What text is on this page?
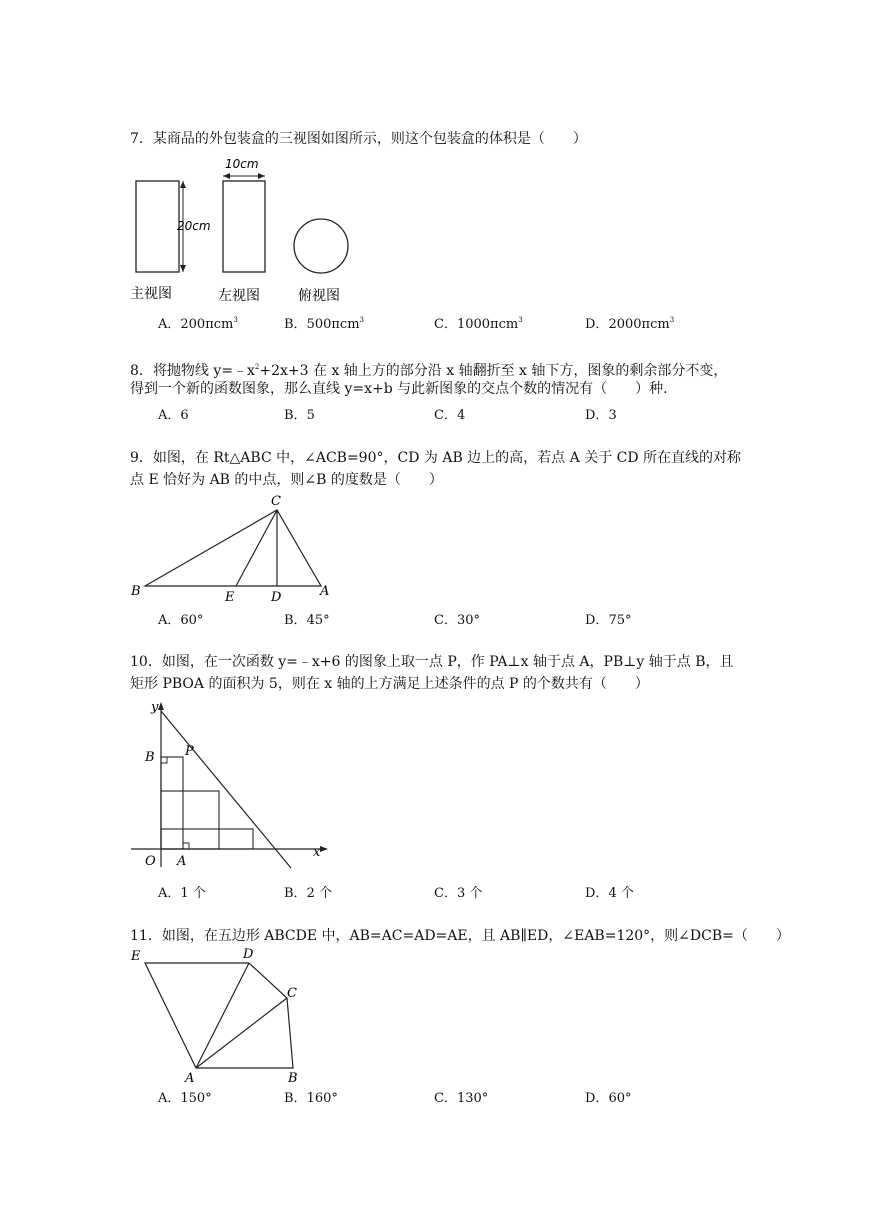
7．某商品的外包装盒的三视图如图所示，则这个包装盒的体积是（　　）
20cm
10cm
主视图	左视图	俯视图
A．200πcm$^3$	B．500πcm$^3$	C．1000πcm$^3$	D．2000πcm$^3$
8．将抛物线 $y=﹣x^2+2x+3$ 在 x 轴上方的部分沿 x 轴翻折至 x 轴下方，图象的剩余部分不变，
得到一个新的函数图象，那么直线 y=x+b 与此新图象的交点个数的情况有（　　）种．
A．6	B．5	C．4	D．3
9．如图，在 Rt△ABC 中，∠ACB=90°，CD 为 AB 边上的高，若点 A 关于 CD 所在直线的对称
点 E 恰好为 AB 的中点，则∠B 的度数是（　　）
C
B	E	D	A
A．60°	B．45°	C．30°	D．75°
10．如图，在一次函数 y=﹣x+6 的图象上取一点 P，作 PA⊥x 轴于点 A，PB⊥y 轴于点 B，且
矩形 PBOA 的面积为 5，则在 x 轴的上方满足上述条件的点 P 的个数共有（　　）
y
x
B P
O A
A．1 个	B．2 个	C．3 个	D．4 个
11．如图，在五边形 ABCDE 中，AB=AC=AD=AE，且 AB∥ED，∠EAB=120°，则∠DCB=（　　）
E	D
C
A	B
A．150°	B．160°	C．130°	D．60°
